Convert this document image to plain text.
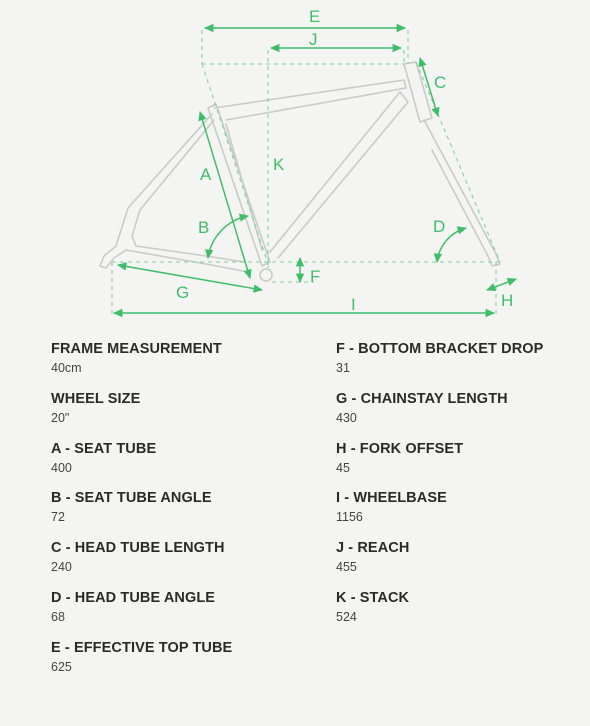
E
J
C
K
A
B	D
F
G
I	H
FRAME MEASUREMENT
40cm
F - BOTTOM BRACKET DROP
31
WHEEL SIZE
20"
G - CHAINSTAY LENGTH
430
A - SEAT TUBE
400
H - FORK OFFSET
45
B - SEAT TUBE ANGLE
72
I - WHEELBASE
1156
C - HEAD TUBE LENGTH
240
J - REACH
455
D - HEAD TUBE ANGLE
68
K - STACK
524
E - EFFECTIVE TOP TUBE
625
